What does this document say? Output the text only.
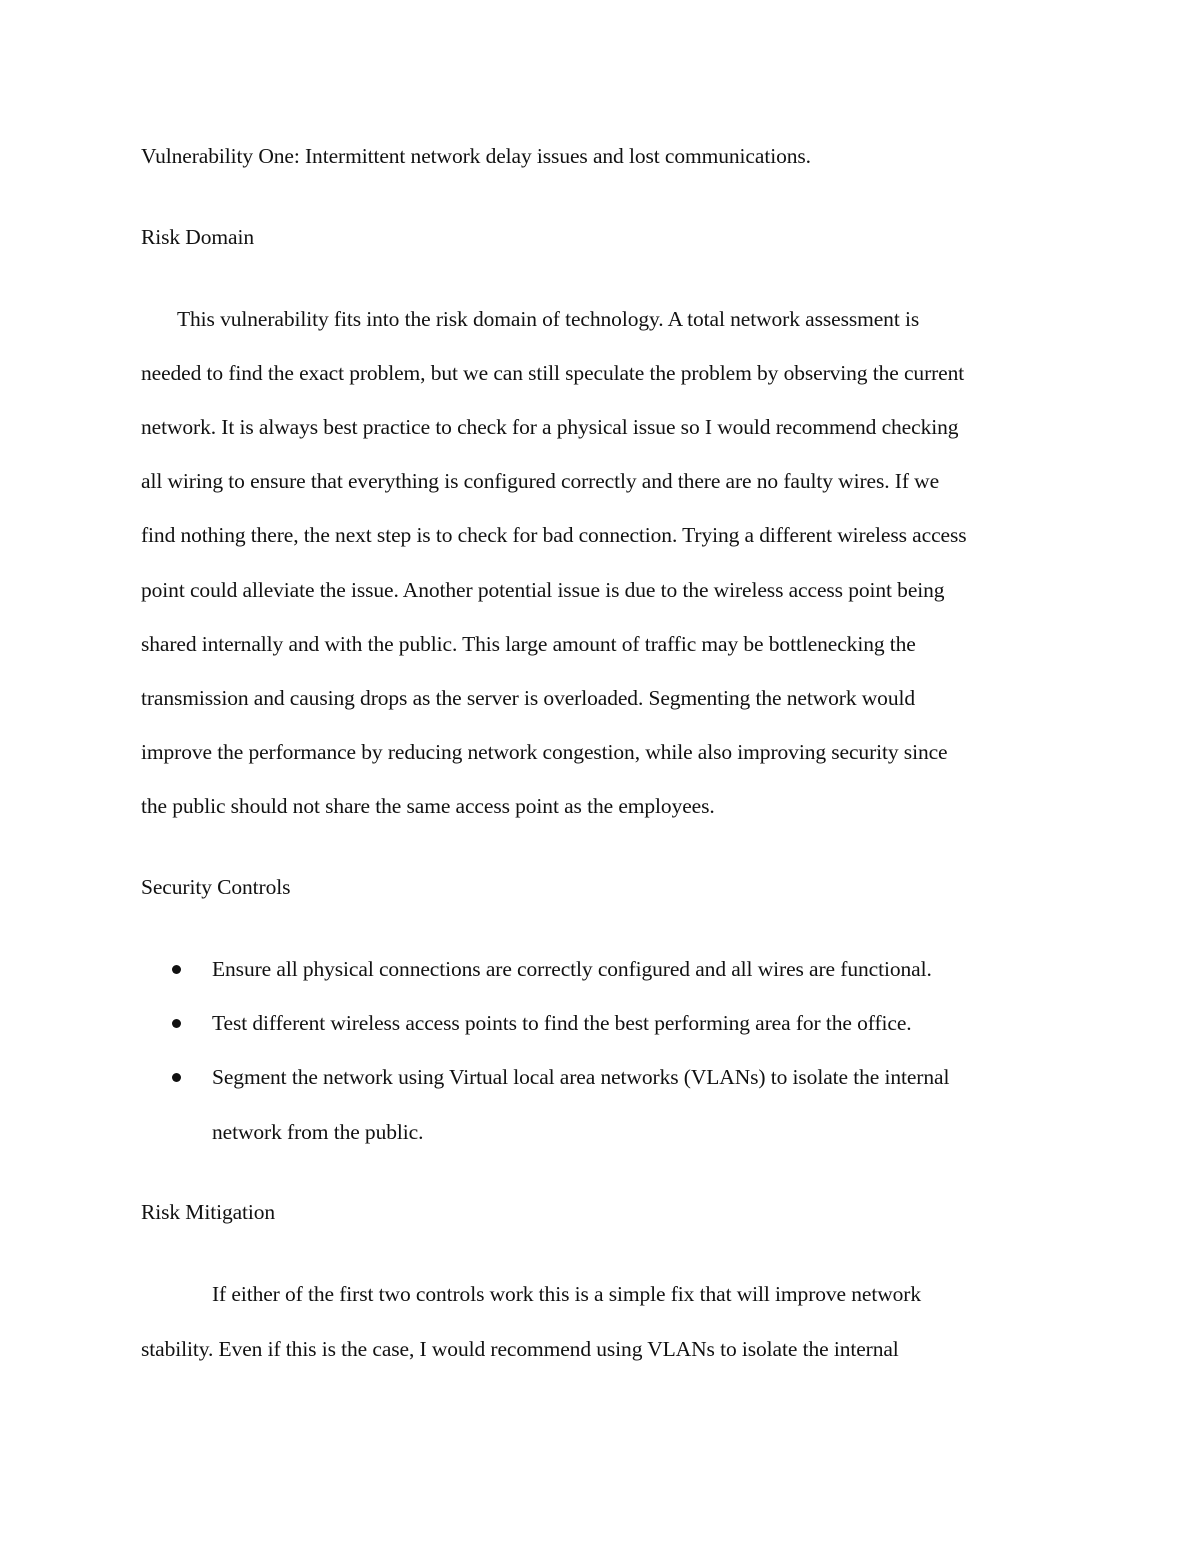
Vulnerability One: Intermittent network delay issues and lost communications.
Risk Domain
This vulnerability fits into the risk domain of technology. A total network assessment is
needed to find the exact problem, but we can still speculate the problem by observing the current
network. It is always best practice to check for a physical issue so I would recommend checking
all wiring to ensure that everything is configured correctly and there are no faulty wires. If we
find nothing there, the next step is to check for bad connection. Trying a different wireless access
point could alleviate the issue. Another potential issue is due to the wireless access point being
shared internally and with the public. This large amount of traffic may be bottlenecking the
transmission and causing drops as the server is overloaded. Segmenting the network would
improve the performance by reducing network congestion, while also improving security since
the public should not share the same access point as the employees.
Security Controls
Ensure all physical connections are correctly configured and all wires are functional.
Test different wireless access points to find the best performing area for the office.
Segment the network using Virtual local area networks (VLANs) to isolate the internal
network from the public.
Risk Mitigation
If either of the first two controls work this is a simple fix that will improve network
stability. Even if this is the case, I would recommend using VLANs to isolate the internal
